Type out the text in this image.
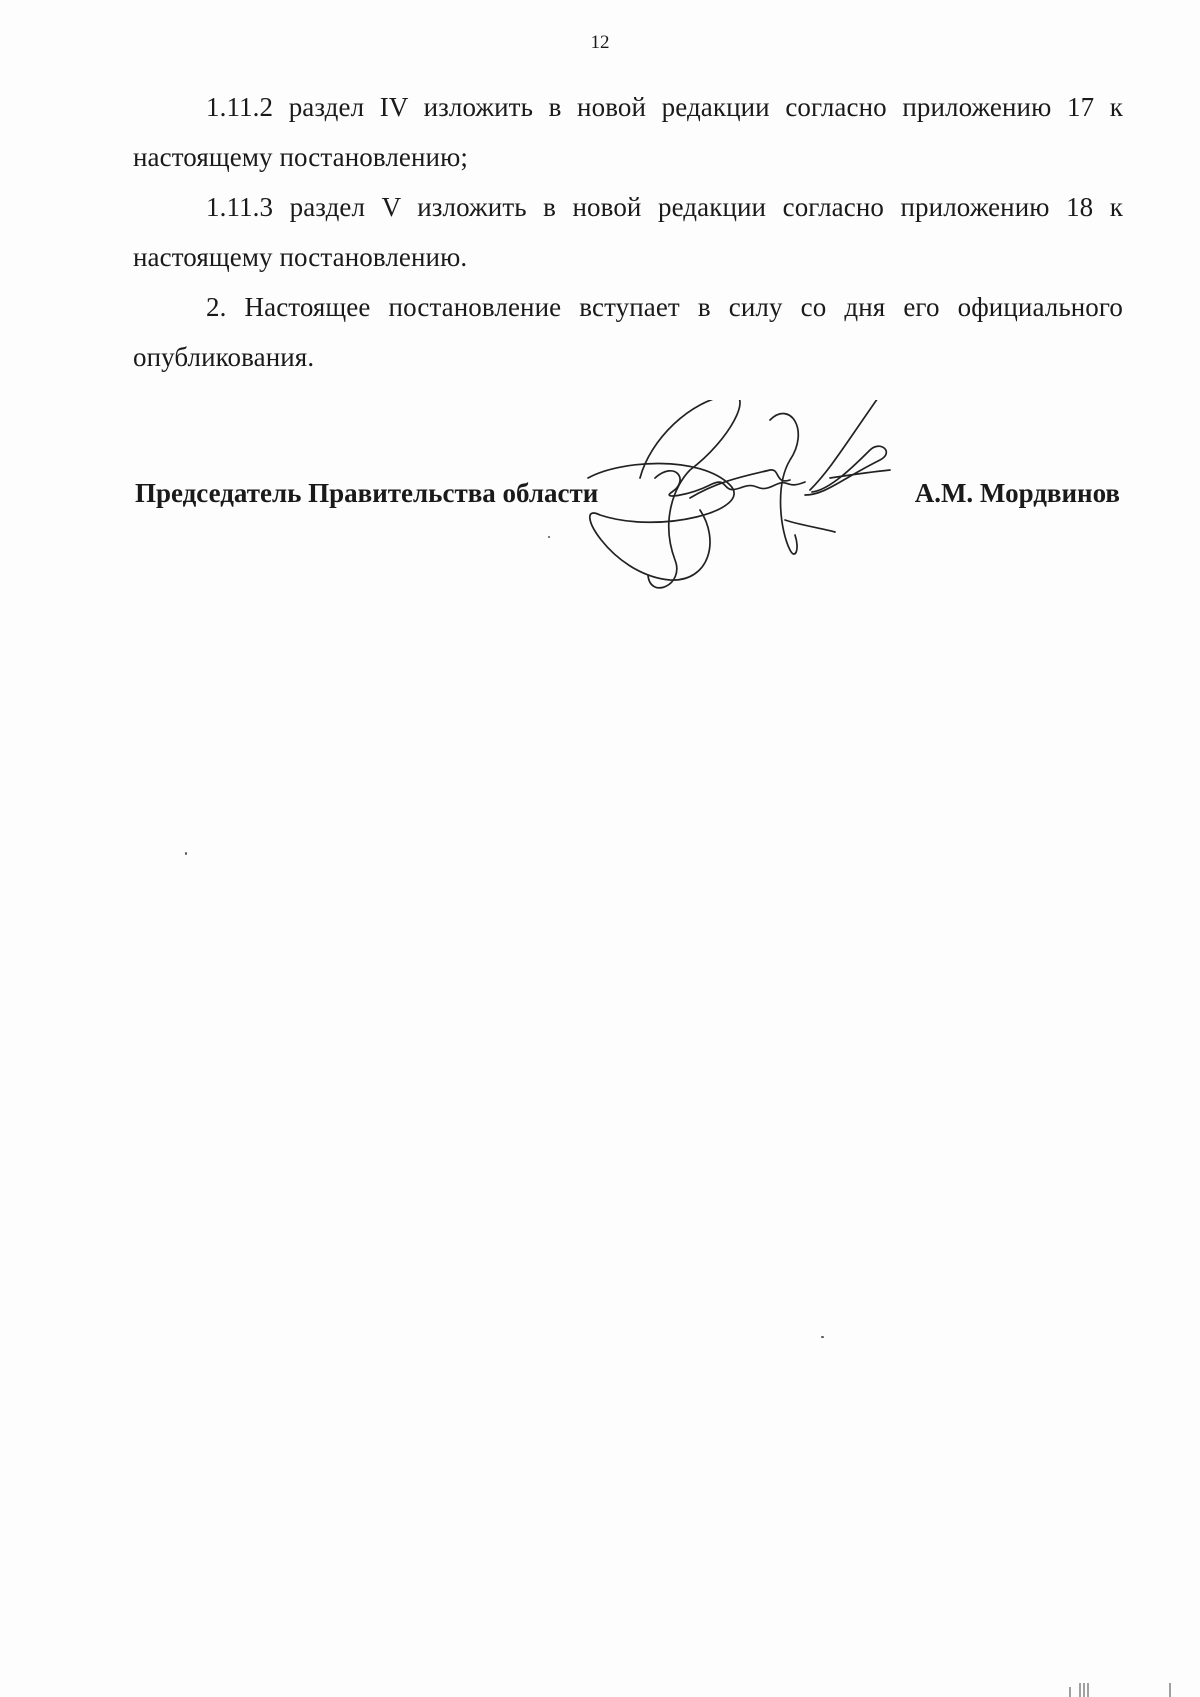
12

1.11.2 раздел IV изложить в новой редакции согласно приложению 17 к настоящему постановлению;

1.11.3 раздел V изложить в новой редакции согласно приложению 18 к настоящему постановлению.

2. Настоящее постановление вступает в силу со дня его официального опубликования.

Председатель Правительства области	А.М. Мордвинов
